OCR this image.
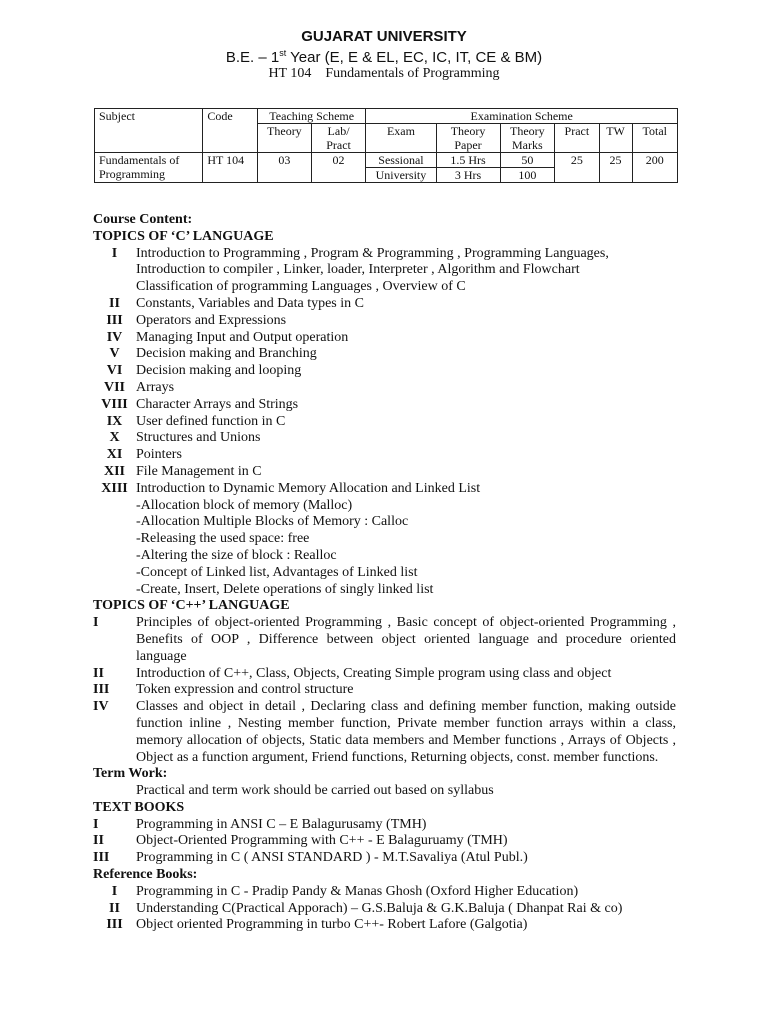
GUJARAT UNIVERSITY
B.E. – 1st Year (E, E & EL, EC, IC, IT, CE & BM)
HT 104 Fundamentals of Programming
Subject	Code	Teaching Scheme		Examination Scheme					
		Theory	Lab/ Pract	Exam	Theory Paper	Theory Marks	Pract	TW	Total
Fundamentals of Programming	HT 104	03	02	Sessional	1.5 Hrs	50	25	25	200
				University	3 Hrs	100			
Course Content:
TOPICS OF ‘C’ LANGUAGE
I	Introduction to Programming , Program & Programming , Programming Languages,
Introduction to compiler , Linker, loader, Interpreter , Algorithm and Flowchart
Classification of programming Languages , Overview of C
II	Constants, Variables and Data types in C
III Operators and Expressions
IV Managing Input and Output operation
V	Decision making and Branching
VI Decision making and looping
VII Arrays
VIII Character Arrays and Strings
IX User defined function in C
X	Structures and Unions
XI Pointers
XII File Management in C
XIII Introduction to Dynamic Memory Allocation and Linked List
-Allocation block of memory (Malloc)
-Allocation Multiple Blocks of Memory : Calloc
-Releasing the used space: free
-Altering the size of block : Realloc
-Concept of Linked list, Advantages of Linked list
-Create, Insert, Delete operations of singly linked list
TOPICS OF ‘C++’ LANGUAGE
I	Principles of object-oriented Programming , Basic concept of object-oriented Programming , Benefits of OOP , Difference between object oriented language and procedure oriented language
II	Introduction of C++, Class, Objects, Creating Simple program using class and object
III	Token expression and control structure
IV	Classes and object in detail , Declaring class and defining member function, making outside function inline , Nesting member function, Private member function arrays within a class, memory allocation of objects, Static data members and Member functions , Arrays of Objects , Object as a function argument, Friend functions, Returning objects, const. member functions.
Term Work:
Practical and term work should be carried out based on syllabus
TEXT BOOKS
I	Programming in ANSI C – E Balagurusamy (TMH)
II	Object-Oriented Programming with C++ - E Balaguruamy (TMH)
III	Programming in C ( ANSI STANDARD ) - M.T.Savaliya (Atul Publ.)
Reference Books:
I	Programming in C - Pradip Pandy & Manas Ghosh (Oxford Higher Education)
II	Understanding C(Practical Apporach) – G.S.Baluja & G.K.Baluja ( Dhanpat Rai & co)
III Object oriented Programming in turbo C++- Robert Lafore (Galgotia)
